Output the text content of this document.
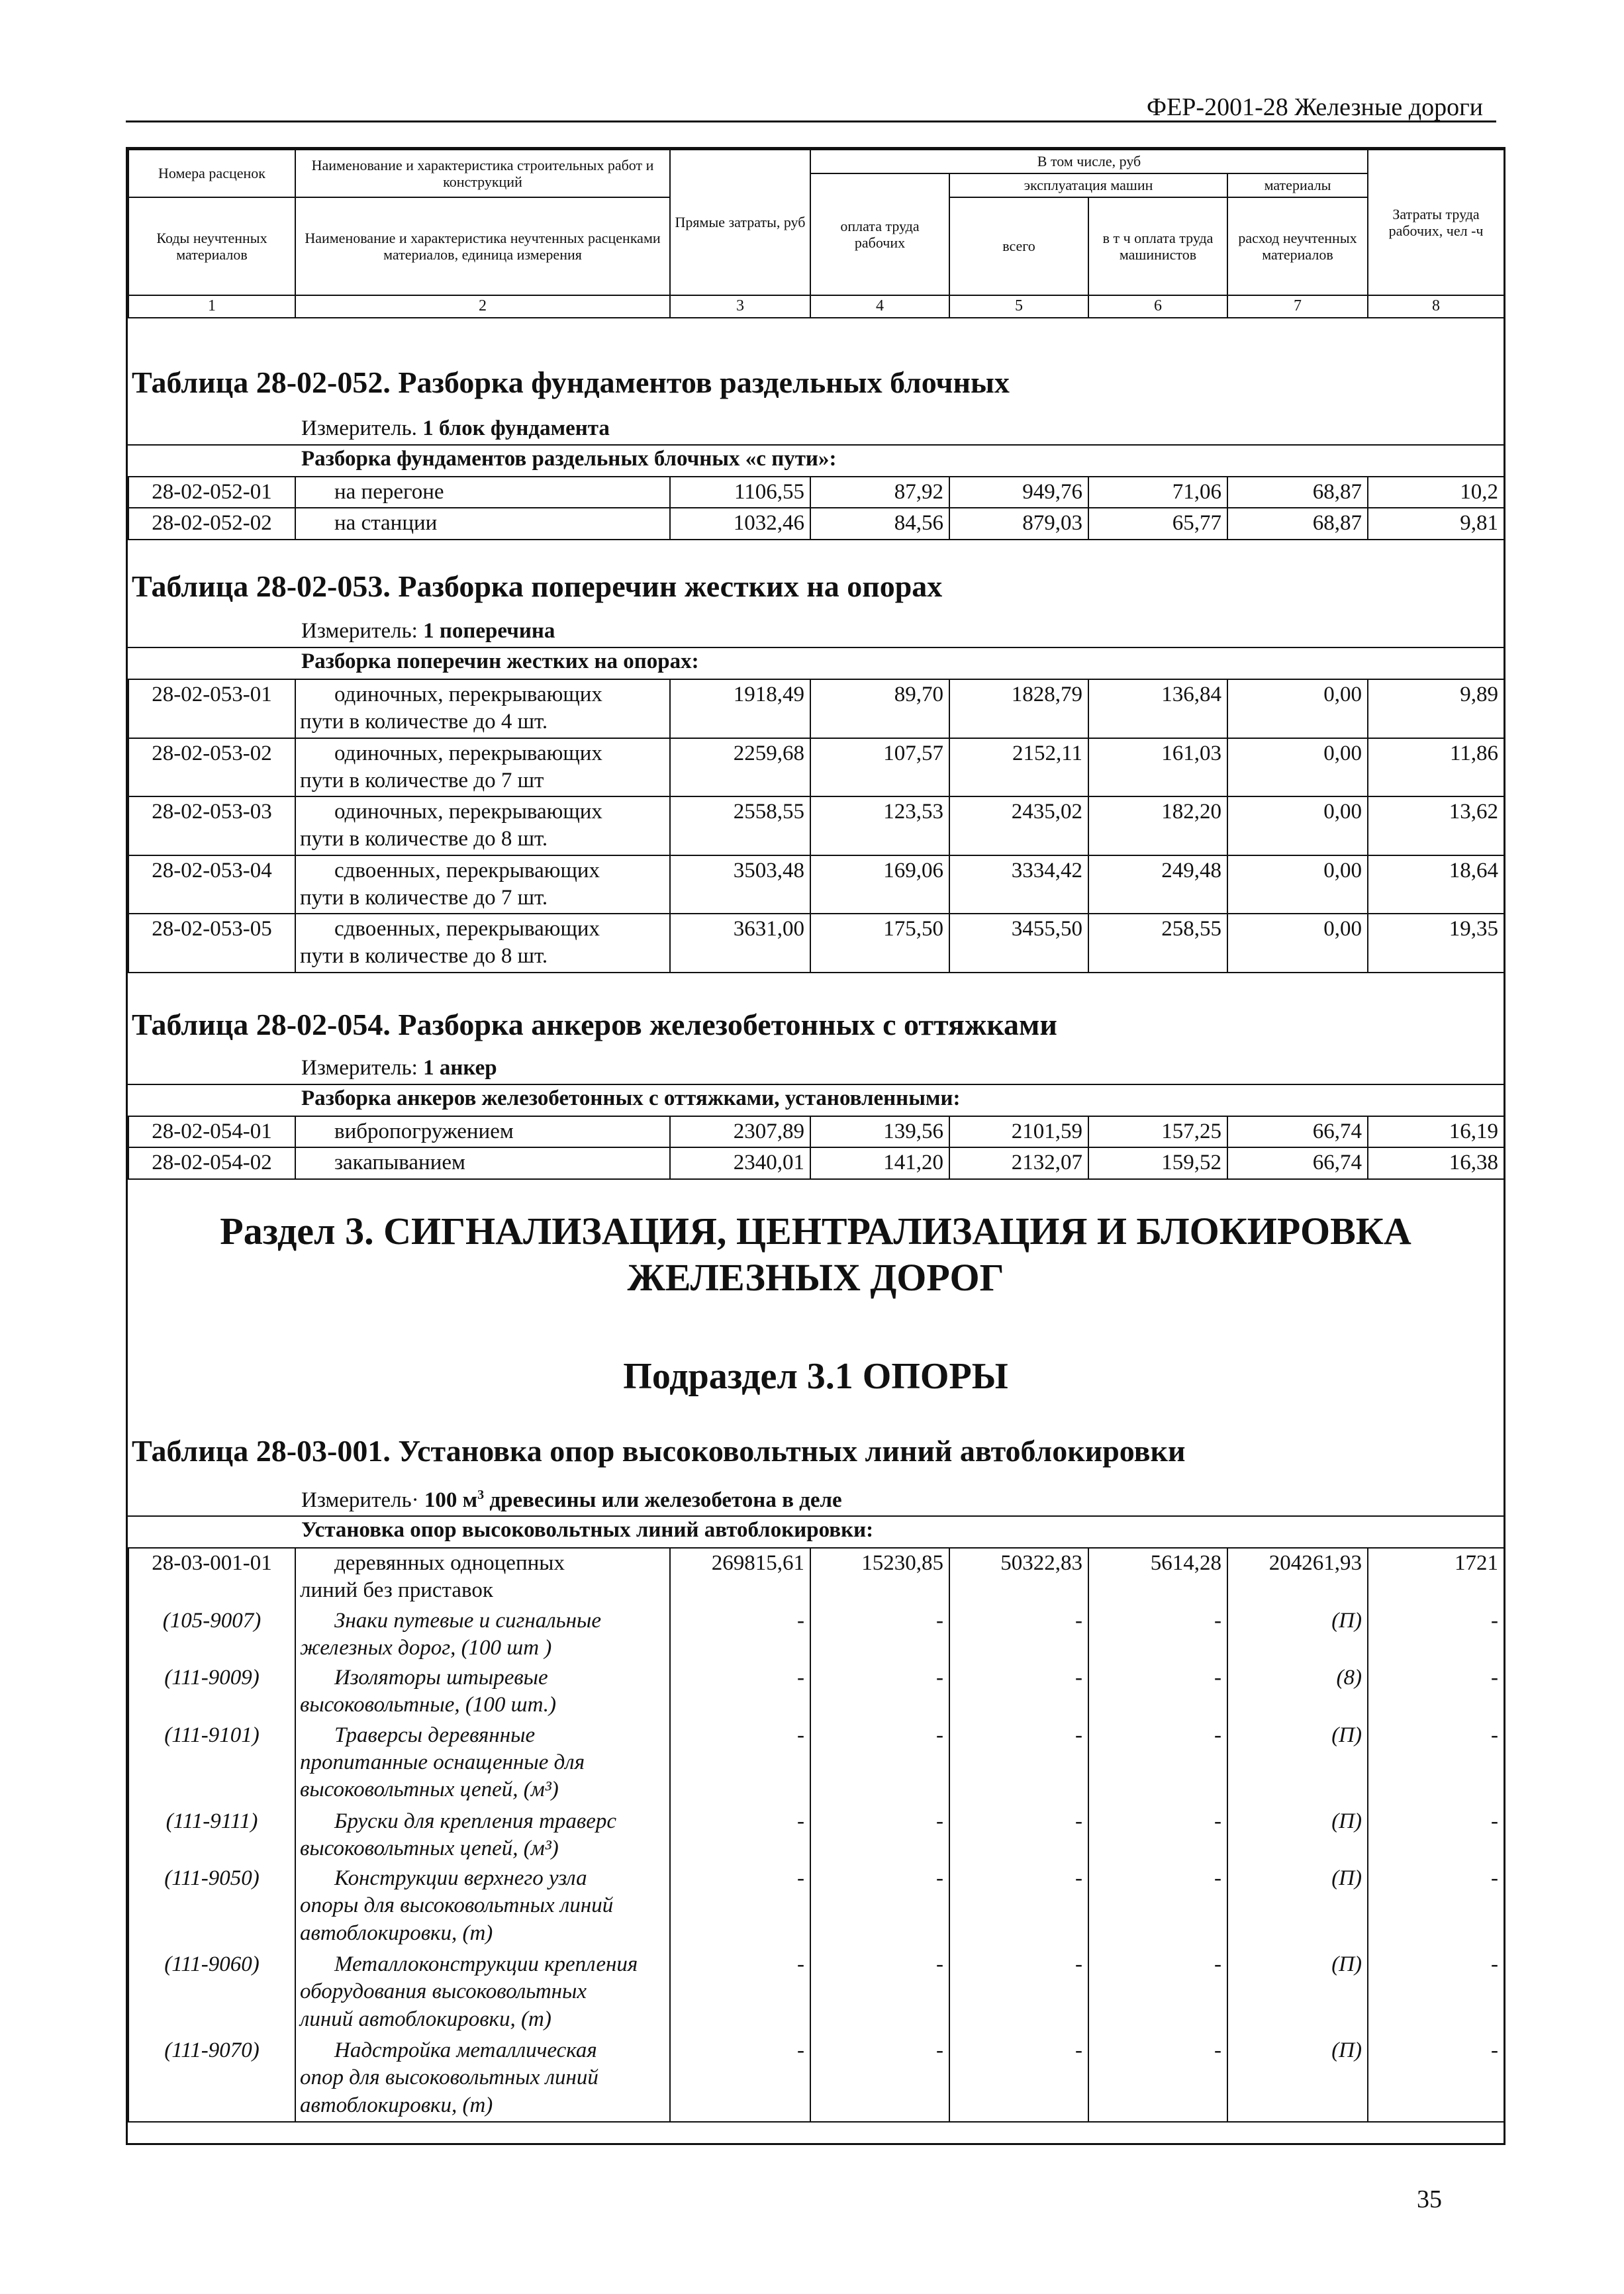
ФЕР-2001-28 Железные дороги
Номера расценок	Наименование и характеристика строительных работ и конструкций	Прямые затраты, руб	В том числе, руб				Затраты труда рабочих, чел -ч
			оплата труда рабочих	эксплуатация машин		материалы	
Коды неучтенных материалов	Наименование и характеристика неучтенных расценками материалов, единица измерения			всего	в т ч оплата труда машинистов	расход неучтенных материалов	

1	2	3	4	5	6	7	8
Таблица 28-02-052. Разборка фундаментов раздельных блочных
Измеритель. 1 блок фундамента
Разборка фундаментов раздельных блочных «с пути»:
28-02-052-01	на перегоне	1106,55	87,92	949,76	71,06	68,87	10,2
28-02-052-02	на станции	1032,46	84,56	879,03	65,77	68,87	9,81
Таблица 28-02-053. Разборка поперечин жестких на опорах
Измеритель: 1 поперечина
Разборка поперечин жестких на опорах:
28-02-053-01	одиночных, перекрывающих
пути в количестве до 4 шт.	1918,49	89,70	1828,79	136,84	0,00	9,89
28-02-053-02	одиночных, перекрывающих
пути в количестве до 7 шт	2259,68	107,57	2152,11	161,03	0,00	11,86
28-02-053-03	одиночных, перекрывающих
пути в количестве до 8 шт.	2558,55	123,53	2435,02	182,20	0,00	13,62
28-02-053-04	сдвоенных, перекрывающих
пути в количестве до 7 шт.	3503,48	169,06	3334,42	249,48	0,00	18,64
28-02-053-05	сдвоенных, перекрывающих
пути в количестве до 8 шт.	3631,00	175,50	3455,50	258,55	0,00	19,35
Таблица 28-02-054. Разборка анкеров железобетонных с оттяжками
Измеритель: 1 анкер
Разборка анкеров железобетонных с оттяжками, установленными:
28-02-054-01	вибропогружением	2307,89	139,56	2101,59	157,25	66,74	16,19
28-02-054-02	закапыванием	2340,01	141,20	2132,07	159,52	66,74	16,38
Раздел 3. СИГНАЛИЗАЦИЯ, ЦЕНТРАЛИЗАЦИЯ И БЛОКИРОВКА
ЖЕЛЕЗНЫХ ДОРОГ
Подраздел 3.1 ОПОРЫ
Таблица 28-03-001. Установка опор высоковольтных линий автоблокировки
Измеритель· 100 $м^3$ древесины или железобетона в деле
Установка опор высоковольтных линий автоблокировки:
28-03-001-01	деревянных одноцепных
линий без приставок	269815,61	15230,85	50322,83	5614,28	204261,93	1721
(105-9007)	Знаки путевые и сигнальные
железных дорог, (100 шт )	-	-	-	-	(П)	-
(111-9009)	Изоляторы штыревые
высоковольтные, (100 шт.)	-	-	-	-	(8)	-
(111-9101)	Траверсы деревянные
пропитанные оснащенные для
высоковольтных цепей, (м³)	-	-	-	-	(П)	-
(111-9111)	Бруски для крепления траверс
высоковольтных цепей, (м³)	-	-	-	-	(П)	-
(111-9050)	Конструкции верхнего узла
опоры для высоковольтных линий
автоблокировки, (т)	-	-	-	-	(П)	-
(111-9060)	Металлоконструкции крепления
оборудования высоковольтных
линий автоблокировки, (т)	-	-	-	-	(П)	-
(111-9070)	Надстройка металлическая
опор для высоковольтных линий
автоблокировки, (т)	-	-	-	-	(П)	-
35
